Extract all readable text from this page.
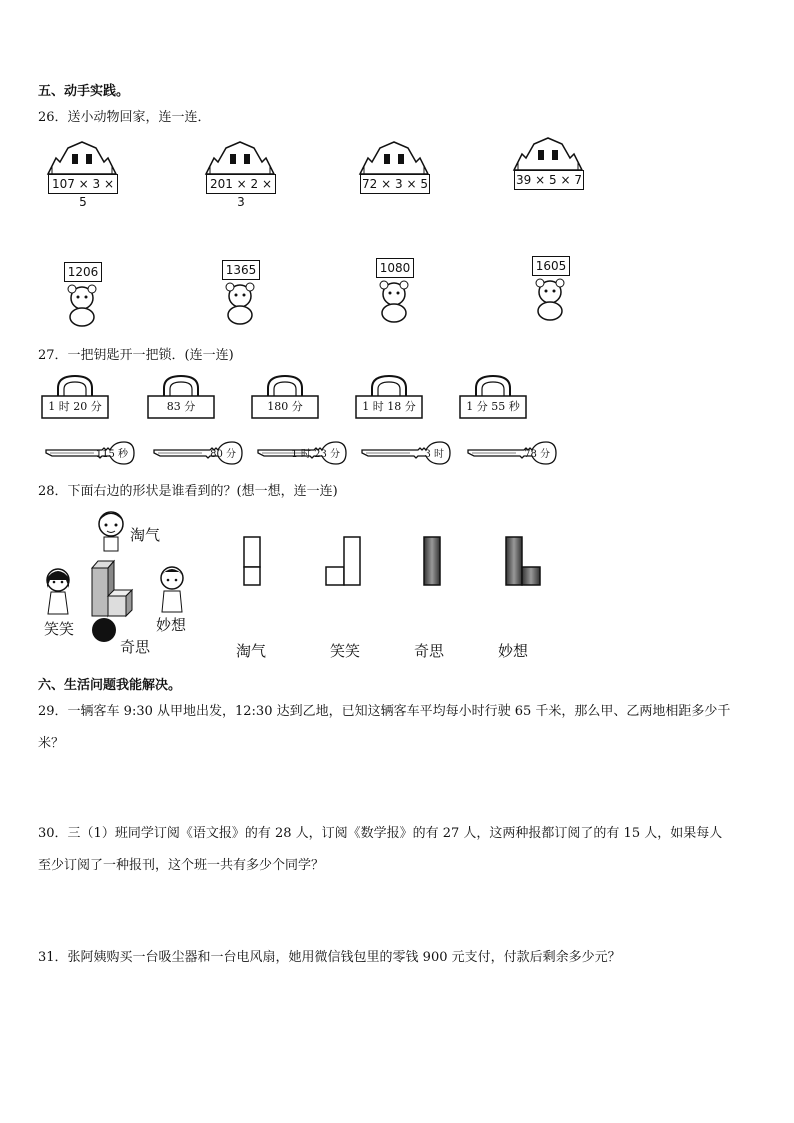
五、动手实践。
26．送小动物回家，连一连．
107 × 3 × 5
201 × 2 × 3
72 × 3 × 5	39 × 5 × 7
1206	1365	1080	1605
27．一把钥匙开一把锁．(连一连)
1 时 20 分	83 分	180 分	1 时 18 分	1 分 55 秒
115 秒	80 分	1 时 23 分	3 时	78 分
28．下面右边的形状是谁看到的？(想一想，连一连)
淘气
笑笑	妙想
奇思	淘气	笑笑	奇思	妙想
六、生活问题我能解决。
29．一辆客车 9:30 从甲地出发，12:30 达到乙地，已知这辆客车平均每小时行驶 65 千米，那么甲、乙两地相距多少千
米？
30．三（1）班同学订阅《语文报》的有 28 人，订阅《数学报》的有 27 人，这两种报都订阅了的有 15 人，如果每人
至少订阅了一种报刊，这个班一共有多少个同学？
31．张阿姨购买一台吸尘器和一台电风扇，她用微信钱包里的零钱 900 元支付，付款后剩余多少元？
